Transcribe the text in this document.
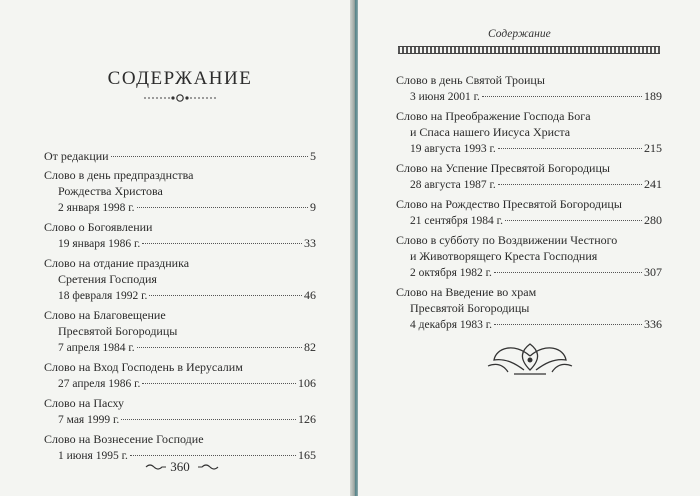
СОДЕРЖАНИЕ
От редакции	5
Слово в день предпразднства
Рождества Христова
2 января 1998 г.	9
Слово о Богоявлении
19 января 1986 г.	33
Слово на отдание праздника
Сретения Господия
18 февраля 1992 г.	46
Слово на Благовещение
Пресвятой Богородицы
7 апреля 1984 г.	82
Слово на Вход Господень в Иерусалим
27 апреля 1986 г.	106
Слово на Пасху
7 мая 1999 г.	126
Слово на Вознесение Господие
1 июня 1995 г.	165
360
Содержание
Слово в день Святой Троицы
3 июня 2001 г.	189
Слово на Преображение Господа Бога
и Спаса нашего Иисуса Христа
19 августа 1993 г.	215
Слово на Успение Пресвятой Богородицы
28 августа 1987 г.	241
Слово на Рождество Пресвятой Богородицы
21 сентября 1984 г.	280
Слово в субботу по Воздвижении Честного
и Животворящего Креста Господния
2 октября 1982 г.	307
Слово на Введение во храм
Пресвятой Богородицы
4 декабря 1983 г.	336
